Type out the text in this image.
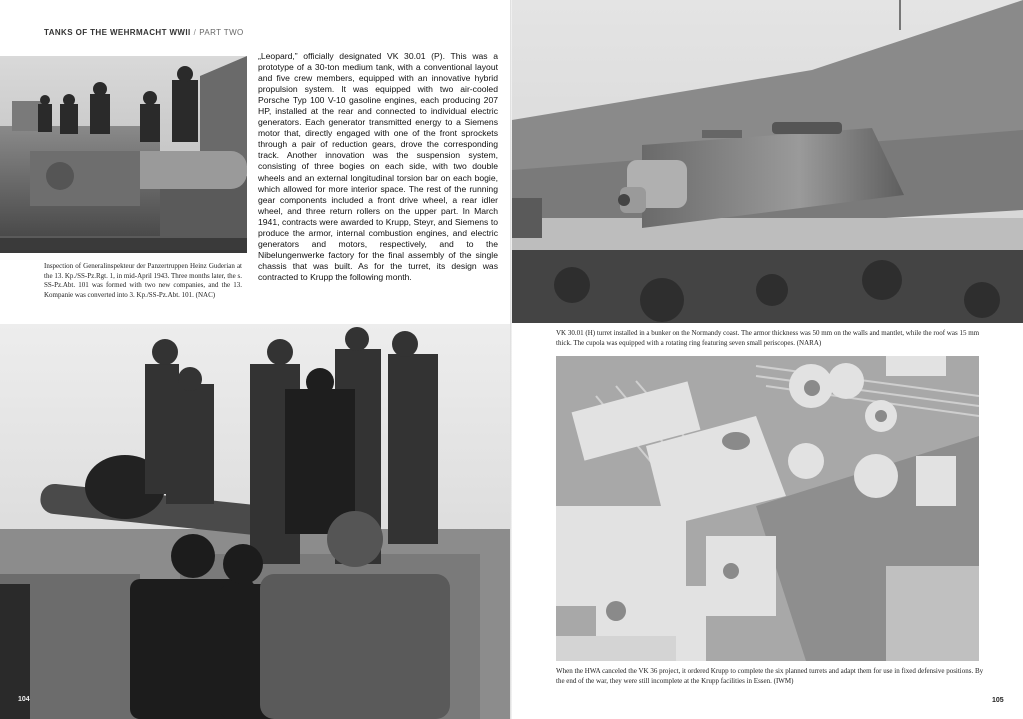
TANKS OF THE WEHRMACHT WWII / PART TWO

„Leopard,” officially designated VK 30.01 (P). This was a prototype of a 30-ton medium tank, with a conventional layout and five crew members, equipped with an innovative hybrid propulsion system. It was equipped with two air-cooled Porsche Typ 100 V-10 gasoline engines, each producing 207 HP, installed at the rear and connected to individual electric generators. Each generator transmitted energy to a Siemens motor that, directly engaged with one of the front sprockets through a pair of reduction gears, drove the corresponding track. Another innovation was the suspension system, consisting of three bogies on each side, with two double wheels and an external longitudinal torsion bar on each bogie, which allowed for more interior space. The rest of the running gear components included a front drive wheel, a rear idler wheel, and three return rollers on the upper part. In March 1941, contracts were awarded to Krupp, Steyr, and Siemens to produce the armor, internal combustion engines, and electric generators and motors, respectively, and to the Nibelungenwerke factory for the final assembly of the single chassis that was built. As for the turret, its design was contracted to Krupp the following month.

Inspection of Generalinspekteur der Panzertruppen Heinz Guderian at the 13. Kp./SS-Pz.Rgt. 1, in mid-April 1943. Three months later, the s. SS-Pz.Abt. 101 was formed with two new companies, and the 13. Kompanie was converted into 3. Kp./SS-Pz.Abt. 101. (NAC)

104

VK 30.01 (H) turret installed in a bunker on the Normandy coast. The armor thickness was 50 mm on the walls and mantlet, while the roof was 15 mm thick. The cupola was equipped with a rotating ring featuring seven small periscopes. (NARA)

When the HWA canceled the VK 36 project, it ordered Krupp to complete the six planned turrets and adapt them for use in fixed defensive positions. By the end of the war, they were still incomplete at the Krupp facilities in Essen. (IWM)

105
